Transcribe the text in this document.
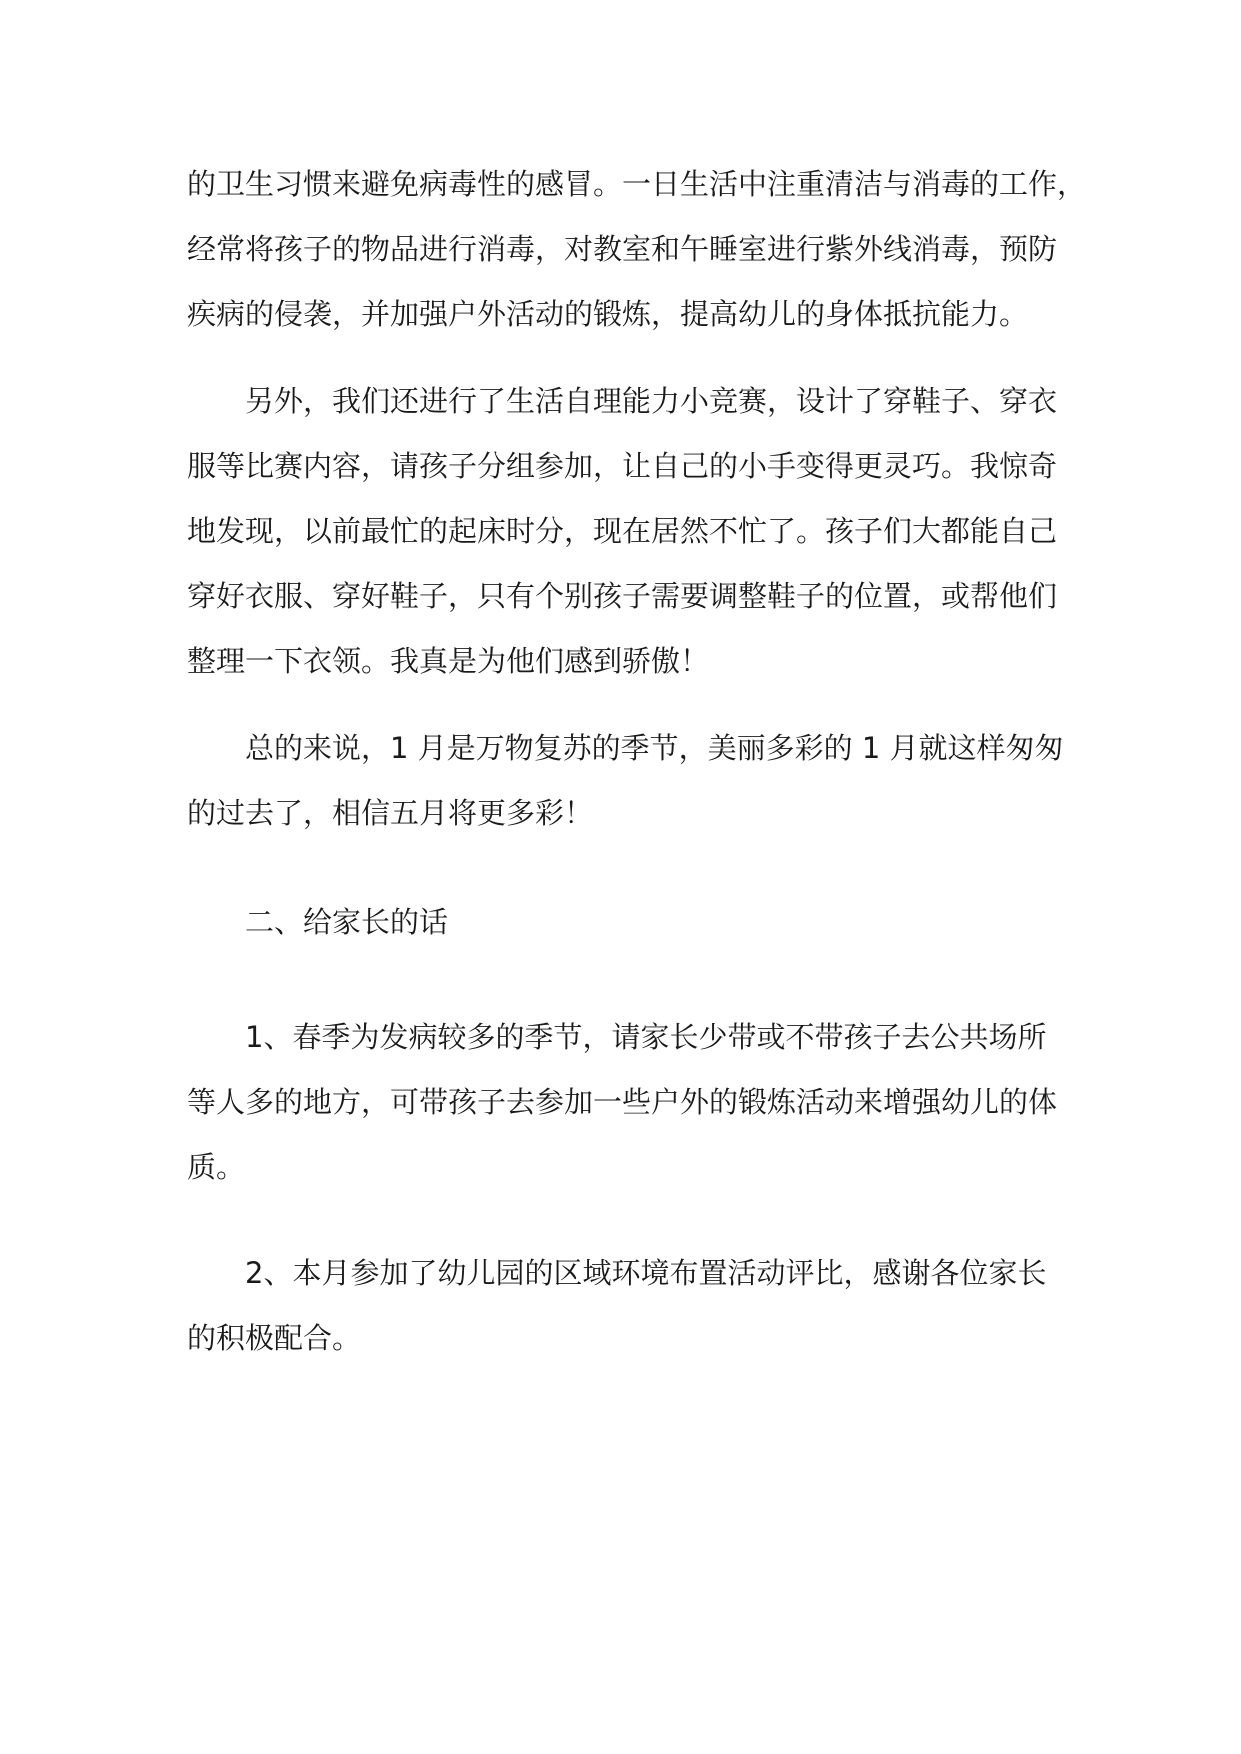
的卫生习惯来避免病毒性的感冒。一日生活中注重清洁与消毒的工作，
经常将孩子的物品进行消毒，对教室和午睡室进行紫外线消毒，预防
疾病的侵袭，并加强户外活动的锻炼，提高幼儿的身体抵抗能力。
另外，我们还进行了生活自理能力小竞赛，设计了穿鞋子、穿衣
服等比赛内容，请孩子分组参加，让自己的小手变得更灵巧。我惊奇
地发现，以前最忙的起床时分，现在居然不忙了。孩子们大都能自己
穿好衣服、穿好鞋子，只有个别孩子需要调整鞋子的位置，或帮他们
整理一下衣领。我真是为他们感到骄傲！
总的来说，1 月是万物复苏的季节，美丽多彩的 1 月就这样匆匆
的过去了，相信五月将更多彩！
二、给家长的话
1、春季为发病较多的季节，请家长少带或不带孩子去公共场所
等人多的地方，可带孩子去参加一些户外的锻炼活动来增强幼儿的体
质。
2、本月参加了幼儿园的区域环境布置活动评比，感谢各位家长
的积极配合。
